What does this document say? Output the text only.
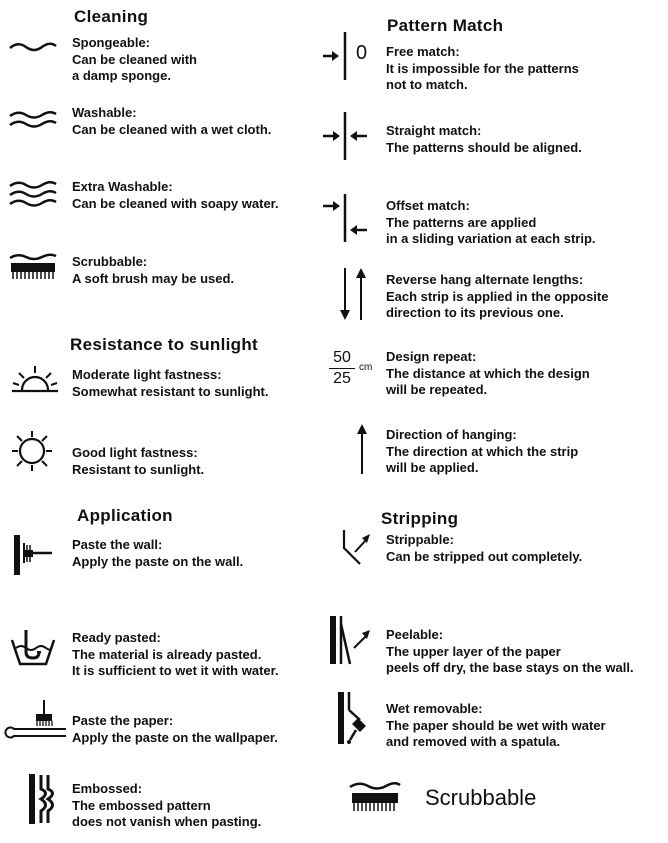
Cleaning
Resistance to sunlight
Application
Pattern Match
Stripping
Spongeable:
Can be cleaned with
a damp sponge.
Washable:
Can be cleaned with a wet cloth.
Extra Washable:
Can be cleaned with soapy water.
Scrubbable:
A soft brush may be used.
Moderate light fastness:
Somewhat resistant to sunlight.
Good light fastness:
Resistant to sunlight.
Paste the wall:
Apply the paste on the wall.
Ready pasted:
The material is already pasted.
It is sufficient to wet it with water.
Paste the paper:
Apply the paste on the wallpaper.
Embossed:
The embossed pattern
does not vanish when pasting.
0 Free match:
It is impossible for the patterns
not to match.
Straight match:
The patterns should be aligned.
Offset match:
The patterns are applied
in a sliding variation at each strip.
Reverse hang alternate lengths:
Each strip is applied in the opposite
direction to its previous one.
50
25
cm
Design repeat:
The distance at which the design
will be repeated.
Direction of hanging:
The direction at which the strip
will be applied.
Strippable:
Can be stripped out completely.
Peelable:
The upper layer of the paper
peels off dry, the base stays on the wall.
Wet removable:
The paper should be wet with water
and removed with a spatula.
Scrubbable
